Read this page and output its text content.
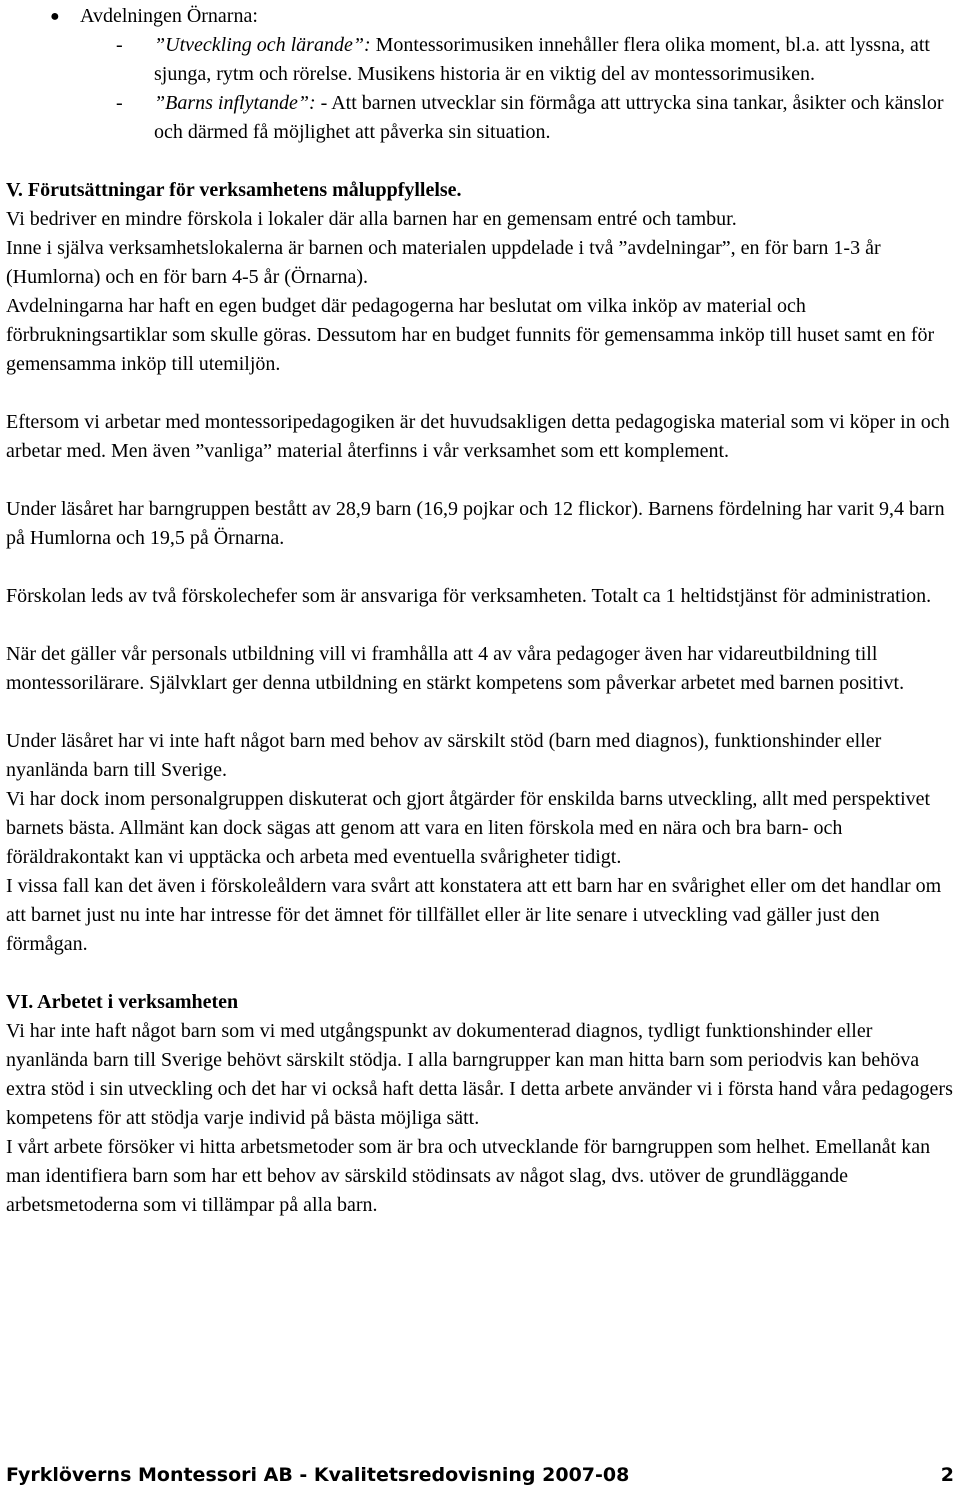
● Avdelningen Örnarna:

- ”Utveckling och lärande”: Montessorimusiken innehåller flera olika moment, bl.a. att lyssna, att sjunga, rytm och rörelse. Musikens historia är en viktig del av montessorimusiken.

- ”Barns inflytande”: - Att barnen utvecklar sin förmåga att uttrycka sina tankar, åsikter och känslor och därmed få möjlighet att påverka sin situation.

V. Förutsättningar för verksamhetens måluppfyllelse.

Vi bedriver en mindre förskola i lokaler där alla barnen har en gemensam entré och tambur.

Inne i själva verksamhetslokalerna är barnen och materialen uppdelade i två ”avdelningar”, en för barn 1-3 år (Humlorna) och en för barn 4-5 år (Örnarna).

Avdelningarna har haft en egen budget där pedagogerna har beslutat om vilka inköp av material och förbrukningsartiklar som skulle göras. Dessutom har en budget funnits för gemensamma inköp till huset samt en för gemensamma inköp till utemiljön.

Eftersom vi arbetar med montessoripedagogiken är det huvudsakligen detta pedagogiska material som vi köper in och arbetar med. Men även ”vanliga” material återfinns i vår verksamhet som ett komplement.

Under läsåret har barngruppen bestått av 28,9 barn (16,9 pojkar och 12 flickor). Barnens fördelning har varit 9,4 barn på Humlorna och 19,5 på Örnarna.

Förskolan leds av två förskolechefer som är ansvariga för verksamheten. Totalt ca 1 heltidstjänst för administration.

När det gäller vår personals utbildning vill vi framhålla att 4 av våra pedagoger även har vidareutbildning till montessorilärare. Självklart ger denna utbildning en stärkt kompetens som påverkar arbetet med barnen positivt.

Under läsåret har vi inte haft något barn med behov av särskilt stöd (barn med diagnos), funktionshinder eller nyanlända barn till Sverige.

Vi har dock inom personalgruppen diskuterat och gjort åtgärder för enskilda barns utveckling, allt med perspektivet barnets bästa. Allmänt kan dock sägas att genom att vara en liten förskola med en nära och bra barn- och föräldrakontakt kan vi upptäcka och arbeta med eventuella svårigheter tidigt.

I vissa fall kan det även i förskoleåldern vara svårt att konstatera att ett barn har en svårighet eller om det handlar om att barnet just nu inte har intresse för det ämnet för tillfället eller är lite senare i utveckling vad gäller just den förmågan.

VI. Arbetet i verksamheten

Vi har inte haft något barn som vi med utgångspunkt av dokumenterad diagnos, tydligt funktionshinder eller nyanlända barn till Sverige behövt särskilt stödja. I alla barngrupper kan man hitta barn som periodvis kan behöva extra stöd i sin utveckling och det har vi också haft detta läsår. I detta arbete använder vi i första hand våra pedagogers kompetens för att stödja varje individ på bästa möjliga sätt.

I vårt arbete försöker vi hitta arbetsmetoder som är bra och utvecklande för barngruppen som helhet. Emellanåt kan man identifiera barn som har ett behov av särskild stödinsats av något slag, dvs. utöver de grundläggande arbetsmetoderna som vi tillämpar på alla barn.

Fyrklöverns Montessori AB - Kvalitetsredovisning 2007-08	2
